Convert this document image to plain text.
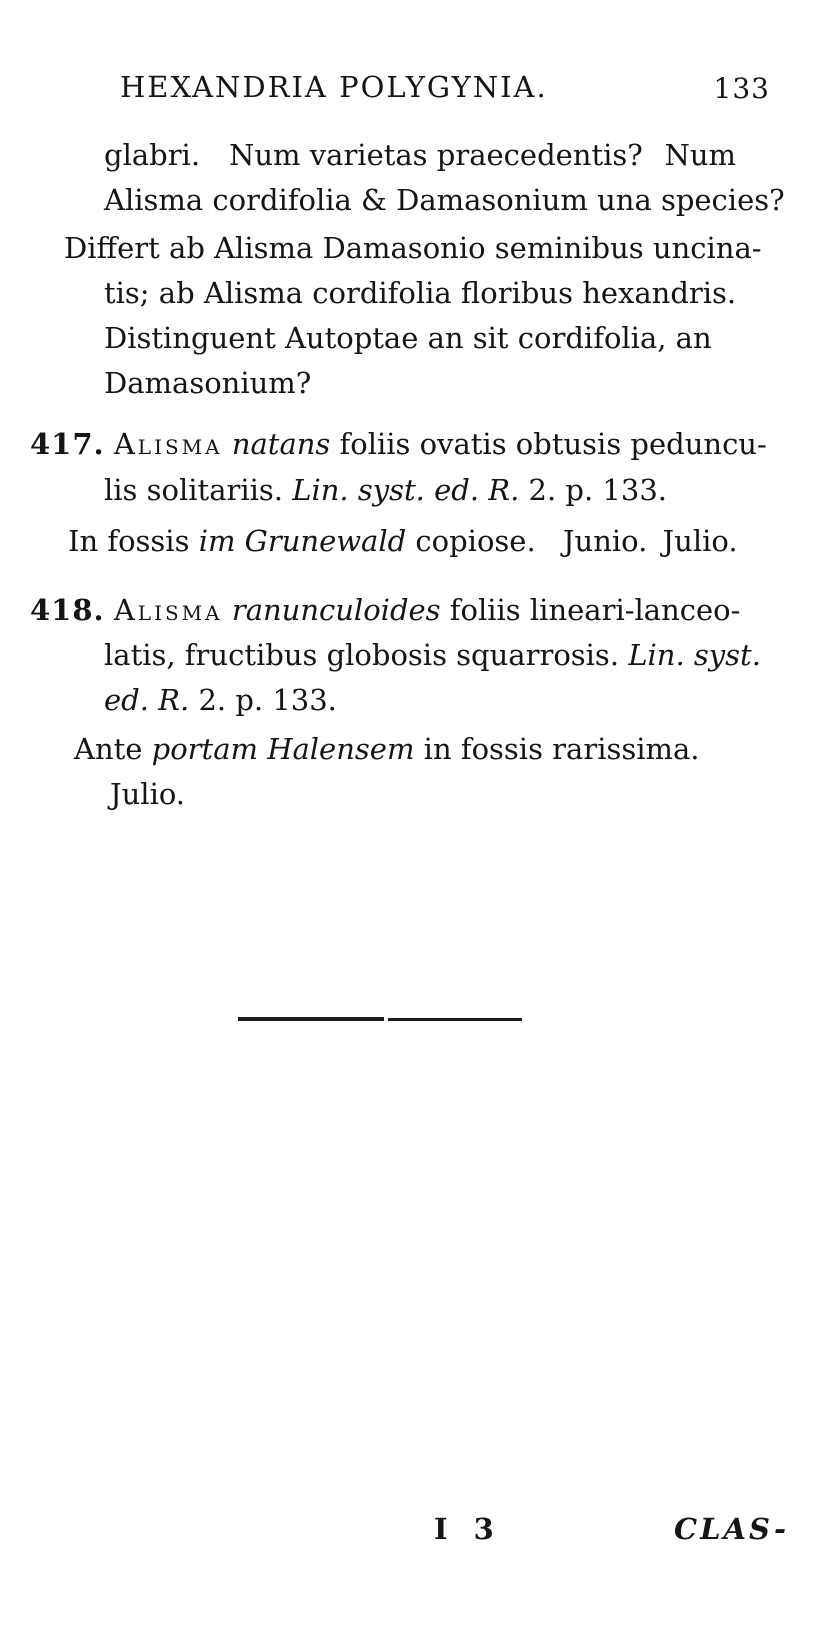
HEXANDRIA POLYGYNIA.	133
glabri. Num varietas praecedentis? Num
Alisma cordifolia & Damasonium una species?
Differt ab Alisma Damasonio seminibus uncina-
tis; ab Alisma cordifolia floribus hexandris.
Distinguent Autoptae an sit cordifolia, an
Damasonium?
417. Alisma natans foliis ovatis obtusis peduncu-
lis solitariis. Lin. syst. ed. R. 2. p. 133.
In fossis im Grunewald copiose. Junio. Julio.
418. Alisma ranunculoides foliis lineari-lanceo-
latis, fructibus globosis squarrosis. Lin. syst.
ed. R. 2. p. 133.
Ante portam Halensem in fossis rarissima.
Julio.
I 3	CLAS-
